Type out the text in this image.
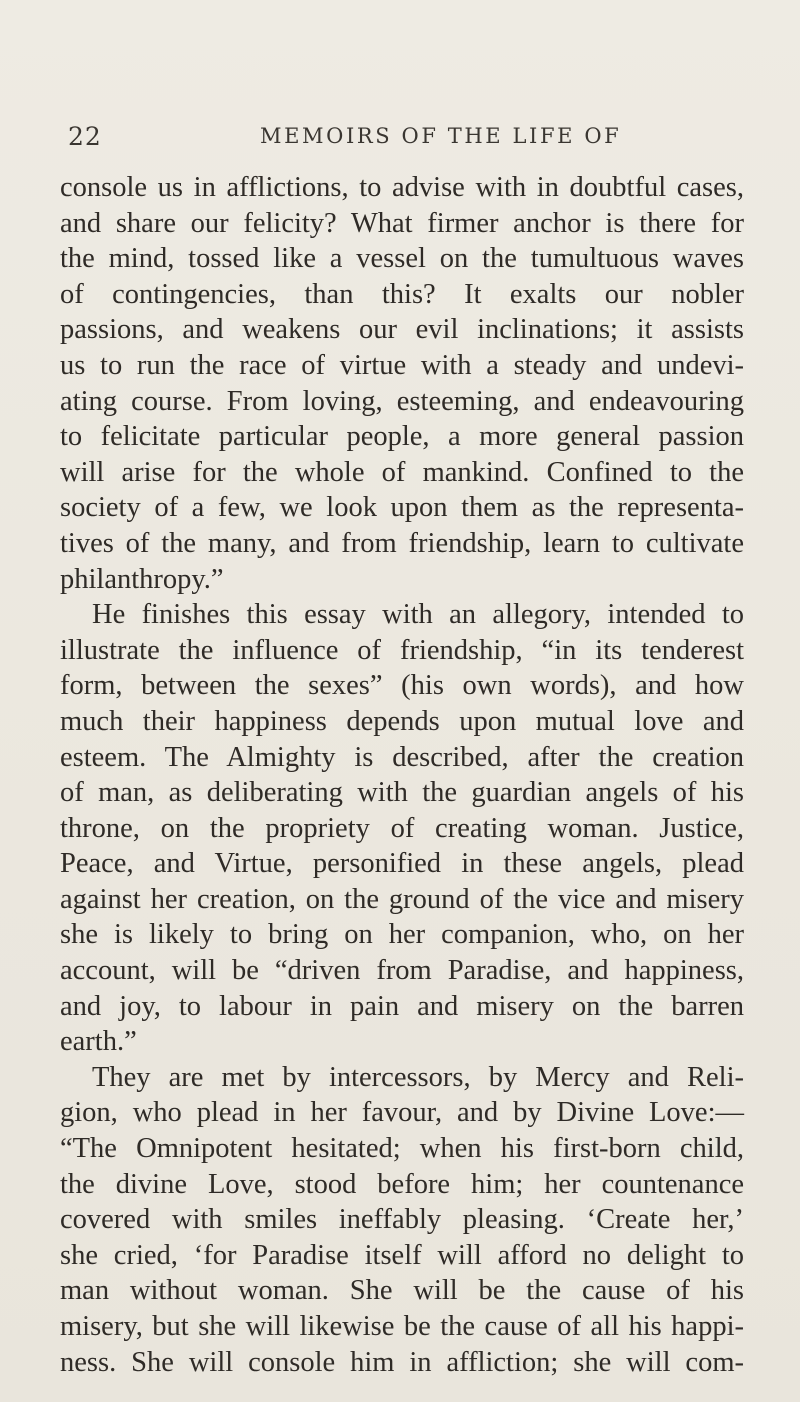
22	MEMOIRS OF THE LIFE OF
console us in afflictions, to advise with in doubtful cases,
and share our felicity? What firmer anchor is there for
the mind, tossed like a vessel on the tumultuous waves
of contingencies, than this? It exalts our nobler
passions, and weakens our evil inclinations; it assists
us to run the race of virtue with a steady and undevi-
ating course. From loving, esteeming, and endeavouring
to felicitate particular people, a more general passion
will arise for the whole of mankind. Confined to the
society of a few, we look upon them as the representa-
tives of the many, and from friendship, learn to cultivate
philanthropy.”
He finishes this essay with an allegory, intended to
illustrate the influence of friendship, “in its tenderest
form, between the sexes” (his own words), and how
much their happiness depends upon mutual love and
esteem. The Almighty is described, after the creation
of man, as deliberating with the guardian angels of his
throne, on the propriety of creating woman. Justice,
Peace, and Virtue, personified in these angels, plead
against her creation, on the ground of the vice and misery
she is likely to bring on her companion, who, on her
account, will be “driven from Paradise, and happiness,
and joy, to labour in pain and misery on the barren
earth.”
They are met by intercessors, by Mercy and Reli-
gion, who plead in her favour, and by Divine Love:—
“The Omnipotent hesitated; when his first-born child,
the divine Love, stood before him; her countenance
covered with smiles ineffably pleasing. ‘Create her,’
she cried, ‘for Paradise itself will afford no delight to
man without woman. She will be the cause of his
misery, but she will likewise be the cause of all his happi-
ness. She will console him in affliction; she will com-
